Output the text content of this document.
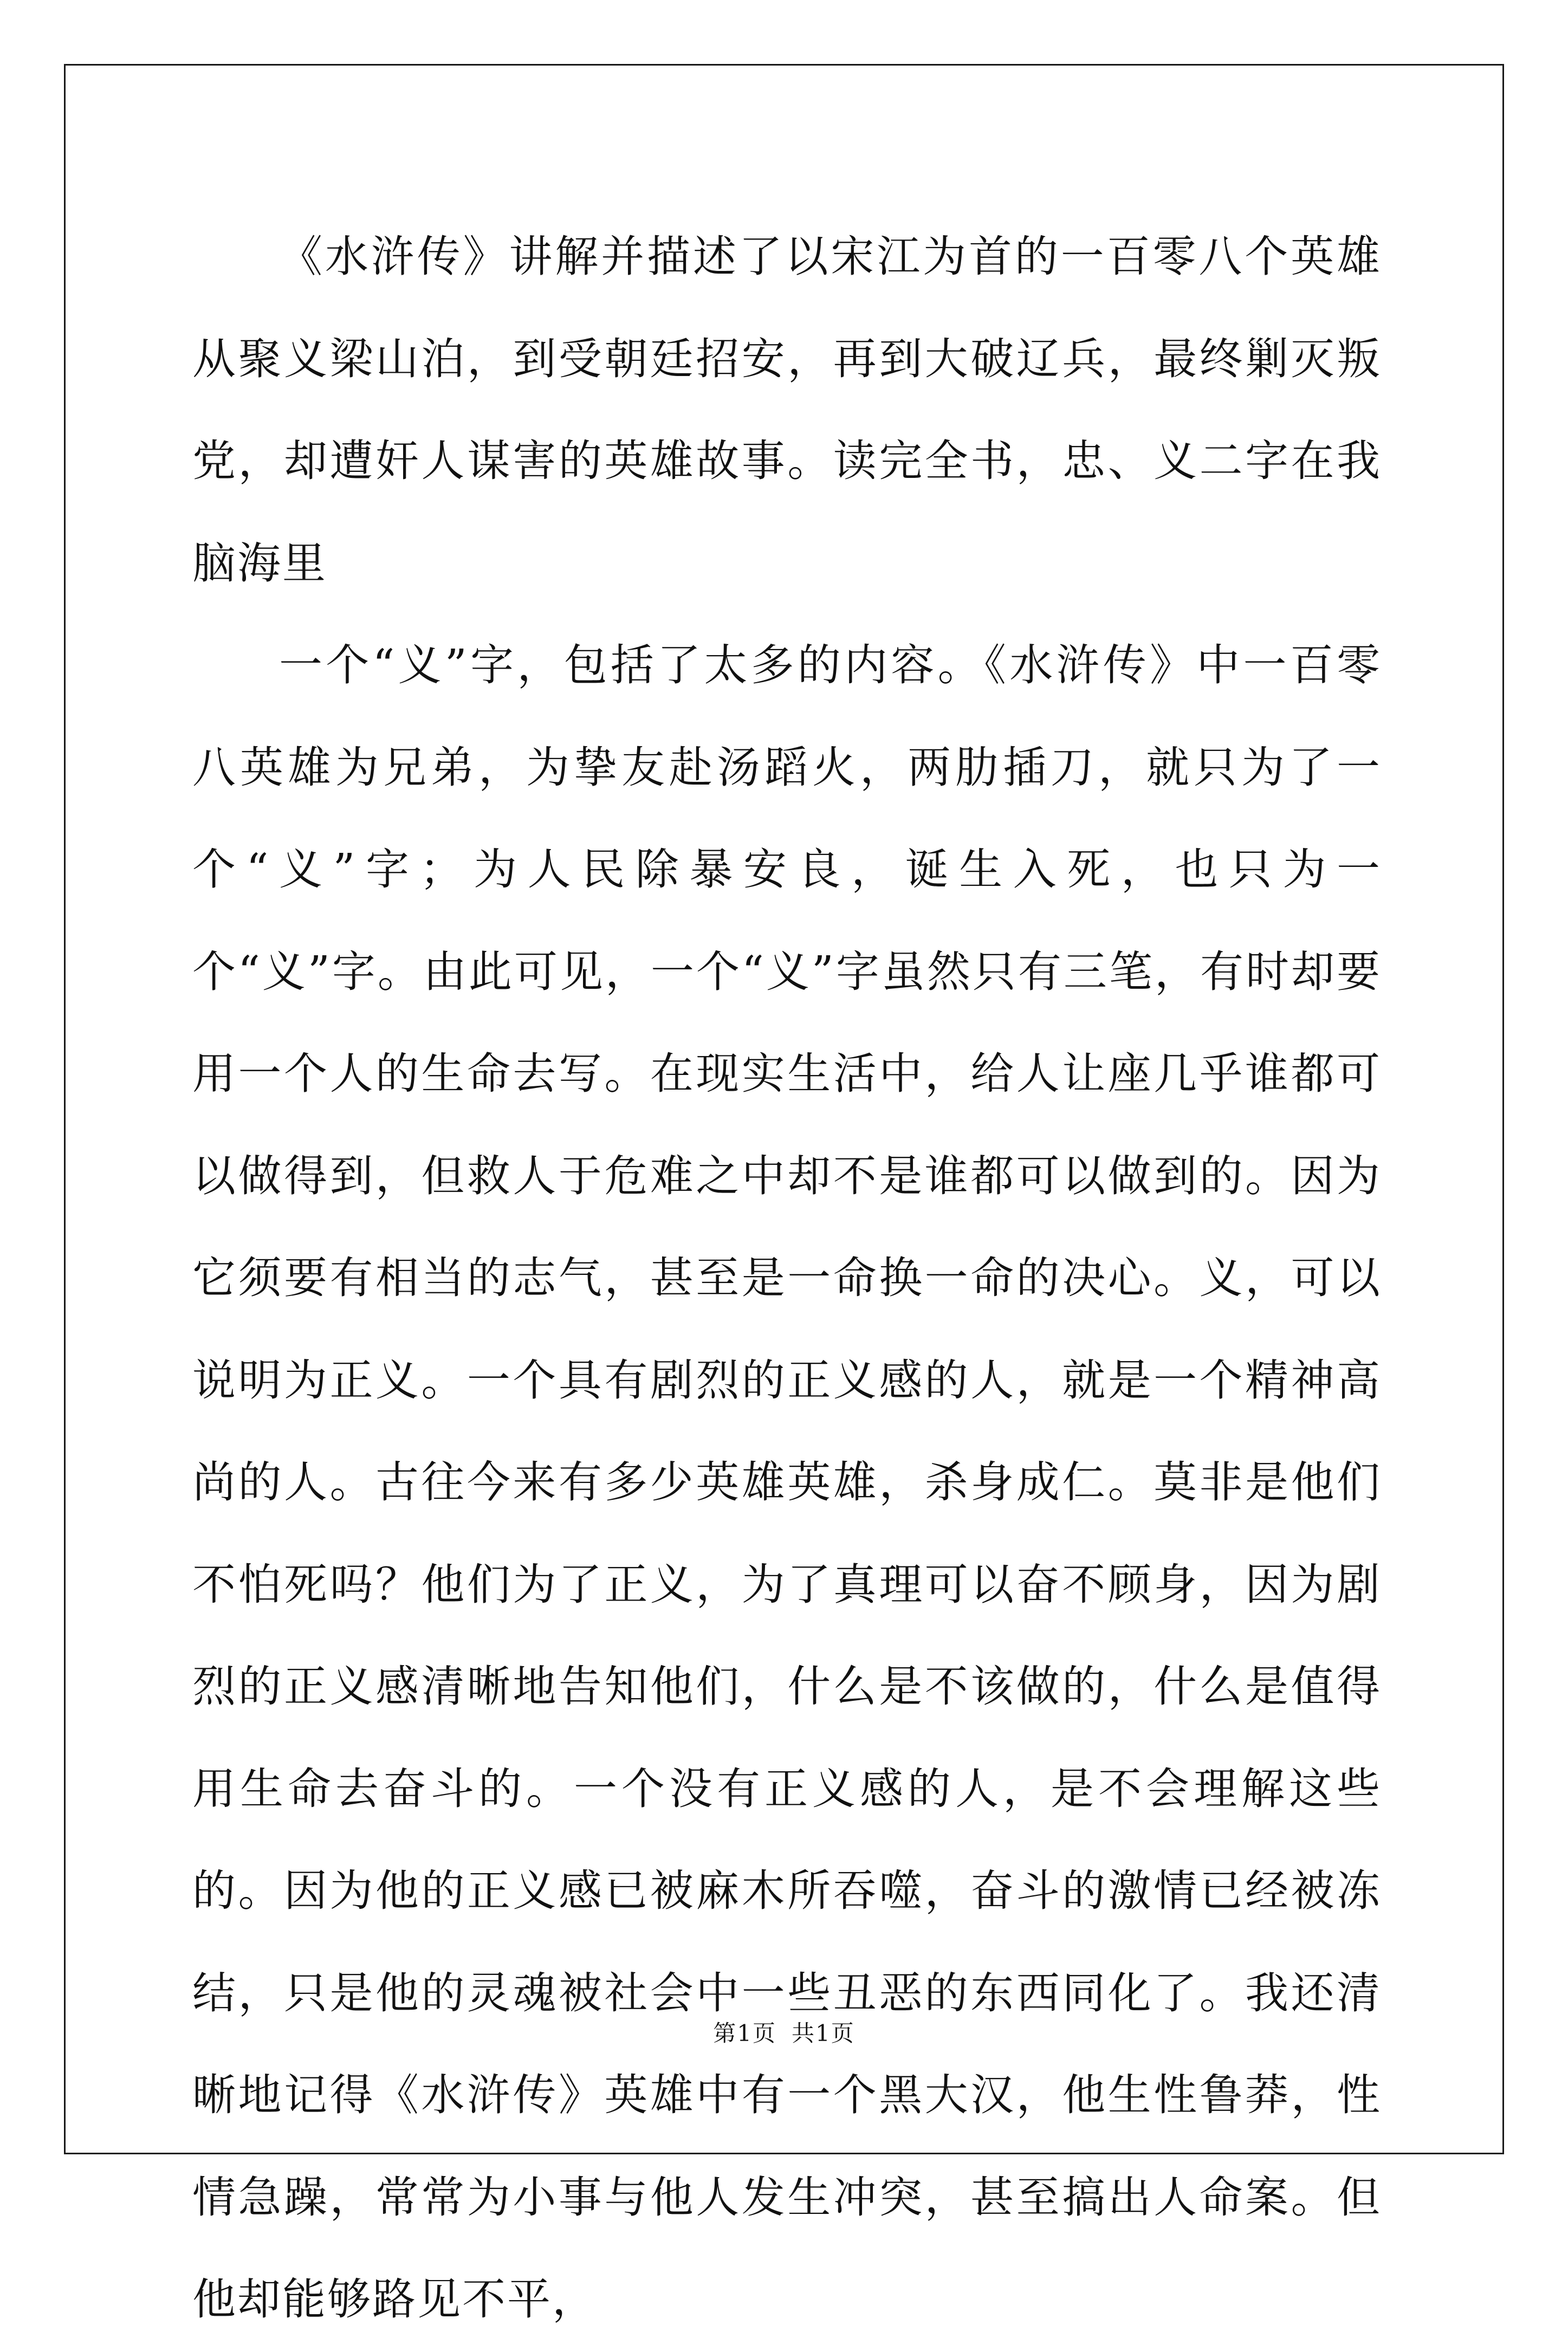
《水浒传》讲解并描述了以宋江为首的一百零八个英雄从聚义梁山泊，到受朝廷招安，再到大破辽兵，最终剿灭叛党，却遭奸人谋害的英雄故事。读完全书，忠、义二字在我脑海里

一个“义”字，包括了太多的内容。《水浒传》中一百零八英雄为兄弟，为挚友赴汤蹈火，两肋插刀，就只为了一个“义”字；为人民除暴安良，诞生入死，也只为一个“义”字。由此可见，一个“义”字虽然只有三笔，有时却要用一个人的生命去写。在现实生活中，给人让座几乎谁都可以做得到，但救人于危难之中却不是谁都可以做到的。因为它须要有相当的志气，甚至是一命换一命的决心。义，可以说明为正义。一个具有剧烈的正义感的人，就是一个精神高尚的人。古往今来有多少英雄英雄，杀身成仁。莫非是他们不怕死吗？他们为了正义，为了真理可以奋不顾身，因为剧烈的正义感清晰地告知他们，什么是不该做的，什么是值得用生命去奋斗的。一个没有正义感的人，是不会理解这些的。因为他的正义感已被麻木所吞噬，奋斗的激情已经被冻结，只是他的灵魂被社会中一些丑恶的东西同化了。我还清晰地记得《水浒传》英雄中有一个黑大汉，他生性鲁莽，性情急躁，常常为小事与他人发生冲突，甚至搞出人命案。但他却能够路见不平，

第1页 共1页
